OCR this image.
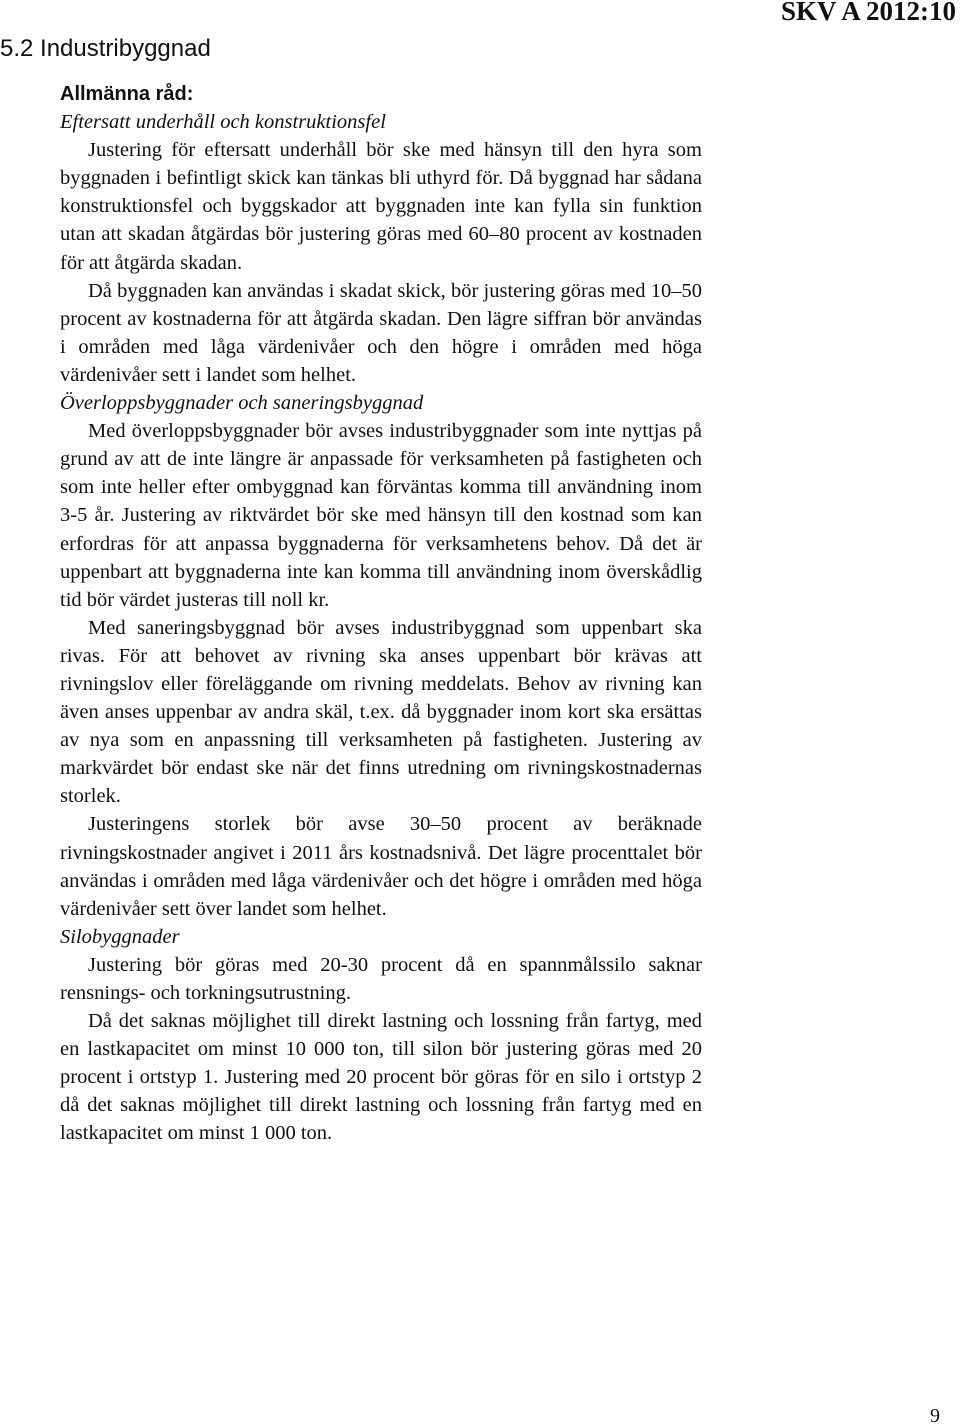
5.2 Industribyggnad
SKV A 2012:10

Allmänna råd:

Eftersatt underhåll och konstruktionsfel

Justering för eftersatt underhåll bör ske med hänsyn till den hyra som byggnaden i befintligt skick kan tänkas bli uthyrd för. Då byggnad har sådana konstruktionsfel och byggskador att byggnaden inte kan fylla sin funktion utan att skadan åtgärdas bör justering göras med 60–80 procent av kostnaden för att åtgärda skadan.

Då byggnaden kan användas i skadat skick, bör justering göras med 10–50 procent av kostnaderna för att åtgärda skadan. Den lägre siffran bör användas i områden med låga värdenivåer och den högre i områden med höga värdenivåer sett i landet som helhet.

Överloppsbyggnader och saneringsbyggnad

Med överloppsbyggnader bör avses industribyggnader som inte nyttjas på grund av att de inte längre är anpassade för verksamheten på fastigheten och som inte heller efter ombyggnad kan förväntas komma till användning inom 3-5 år. Justering av riktvärdet bör ske med hänsyn till den kostnad som kan erfordras för att anpassa byggnaderna för verksamhetens behov. Då det är uppenbart att byggnaderna inte kan komma till användning inom överskådlig tid bör värdet justeras till noll kr.

Med saneringsbyggnad bör avses industribyggnad som uppenbart ska rivas. För att behovet av rivning ska anses uppenbart bör krävas att rivningslov eller föreläggande om rivning meddelats. Behov av rivning kan även anses uppenbar av andra skäl, t.ex. då byggnader inom kort ska ersättas av nya som en anpassning till verksamheten på fastigheten. Justering av markvärdet bör endast ske när det finns utredning om rivningskostnadernas storlek.

Justeringens storlek bör avse 30–50 procent av beräknade rivningskostnader angivet i 2011 års kostnadsnivå. Det lägre procenttalet bör användas i områden med låga värdenivåer och det högre i områden med höga värdenivåer sett över landet som helhet.

Silobyggnader

Justering bör göras med 20-30 procent då en spannmålssilo saknar rensnings- och torkningsutrustning.

Då det saknas möjlighet till direkt lastning och lossning från fartyg, med en lastkapacitet om minst 10 000 ton, till silon bör justering göras med 20 procent i ortstyp 1. Justering med 20 procent bör göras för en silo i ortstyp 2 då det saknas möjlighet till direkt lastning och lossning från fartyg med en lastkapacitet om minst 1 000 ton.

9
